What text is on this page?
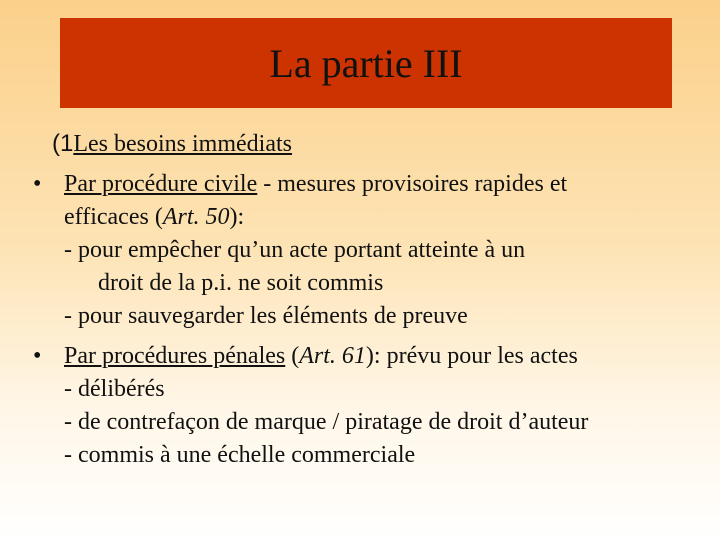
La partie III
(1Les besoins immédiats
• Par procédure civile - mesures provisoires rapides et
efficaces (Art. 50):
- pour empêcher qu’un acte portant atteinte à un
droit de la p.i. ne soit commis
- pour sauvegarder les éléments de preuve
• Par procédures pénales (Art. 61): prévu pour les actes
- délibérés
- de contrefaçon de marque / piratage de droit d’auteur
- commis à une échelle commerciale
